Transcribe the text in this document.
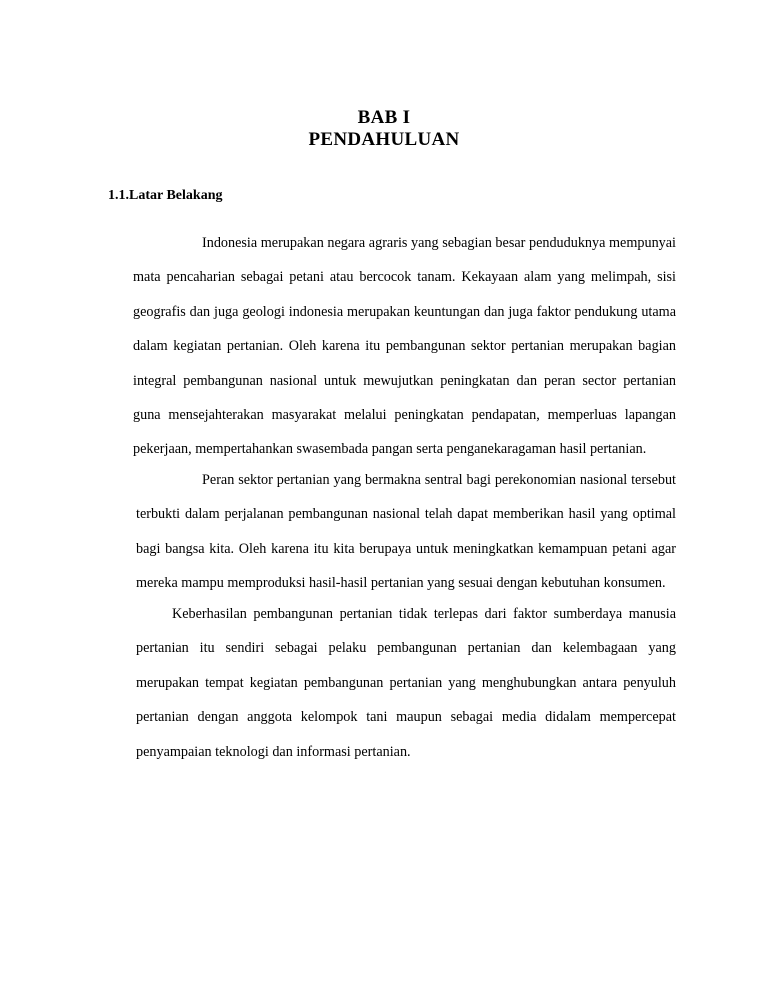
BAB I
PENDAHULUAN
1.1.Latar Belakang

Indonesia merupakan negara agraris yang sebagian besar penduduknya mempunyai mata pencaharian sebagai petani atau bercocok tanam. Kekayaan alam yang melimpah, sisi geografis dan juga geologi indonesia merupakan keuntungan dan juga faktor pendukung utama dalam kegiatan pertanian. Oleh karena itu pembangunan sektor pertanian merupakan bagian integral pembangunan nasional untuk mewujutkan peningkatan dan peran sector pertanian guna mensejahterakan masyarakat melalui peningkatan pendapatan, memperluas lapangan pekerjaan, mempertahankan swasembada pangan serta penganekaragaman hasil pertanian.

Peran sektor pertanian yang bermakna sentral bagi perekonomian nasional tersebut terbukti dalam perjalanan pembangunan nasional telah dapat memberikan hasil yang optimal bagi bangsa kita. Oleh karena itu kita berupaya untuk meningkatkan kemampuan petani agar mereka mampu memproduksi hasil-hasil pertanian yang sesuai dengan kebutuhan konsumen.

Keberhasilan pembangunan pertanian tidak terlepas dari faktor sumberdaya manusia pertanian itu sendiri sebagai pelaku pembangunan pertanian dan kelembagaan yang merupakan tempat kegiatan pembangunan pertanian yang menghubungkan antara penyuluh pertanian dengan anggota kelompok tani maupun sebagai media didalam mempercepat penyampaian teknologi dan informasi pertanian.
